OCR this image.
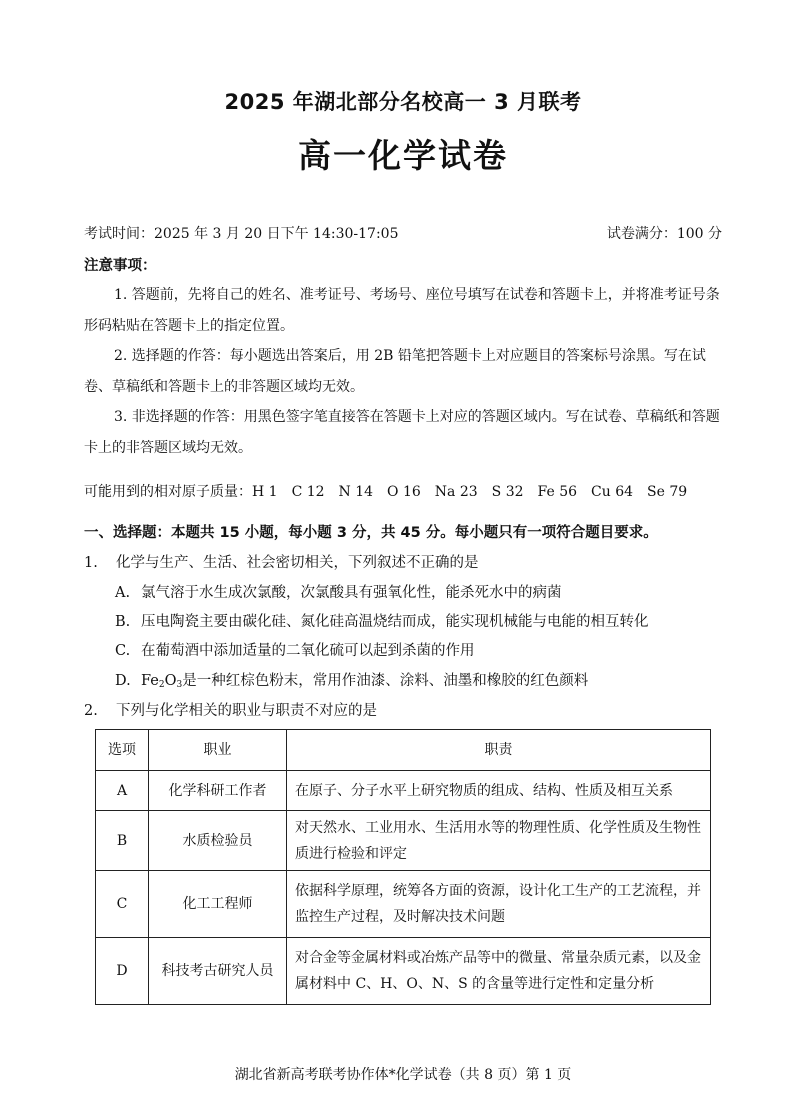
2025 年湖北部分名校高一 3 月联考
高一化学试卷
考试时间：2025 年 3 月 20 日下午 14:30-17:05	试卷满分：100 分
注意事项：
1. 答题前，先将自己的姓名、准考证号、考场号、座位号填写在试卷和答题卡上，并将准考证号条形码粘贴在答题卡上的指定位置。
2. 选择题的作答：每小题选出答案后，用 2B 铅笔把答题卡上对应题目的答案标号涂黑。写在试卷、草稿纸和答题卡上的非答题区域均无效。
3. 非选择题的作答：用黑色签字笔直接答在答题卡上对应的答题区域内。写在试卷、草稿纸和答题卡上的非答题区域均无效。
可能用到的相对原子质量：H 1　C 12　N 14　O 16　Na 23　S 32　Fe 56　Cu 64　Se 79
一、选择题：本题共 15 小题，每小题 3 分，共 45 分。每小题只有一项符合题目要求。
1. 化学与生产、生活、社会密切相关，下列叙述不正确的是
A. 氯气溶于水生成次氯酸，次氯酸具有强氧化性，能杀死水中的病菌
B. 压电陶瓷主要由碳化硅、氮化硅高温烧结而成，能实现机械能与电能的相互转化
C. 在葡萄酒中添加适量的二氧化硫可以起到杀菌的作用
D. $Fe_2O_3$是一种红棕色粉末，常用作油漆、涂料、油墨和橡胶的红色颜料
2. 下列与化学相关的职业与职责不对应的是
选项	职业	职责
A	化学科研工作者	在原子、分子水平上研究物质的组成、结构、性质及相互关系
B	水质检验员	对天然水、工业用水、生活用水等的物理性质、化学性质及生物性质进行检验和评定
C	化工工程师	依据科学原理，统筹各方面的资源，设计化工生产的工艺流程，并监控生产过程，及时解决技术问题
D	科技考古研究人员	对合金等金属材料或冶炼产品等中的微量、常量杂质元素，以及金属材料中 C、H、O、N、S 的含量等进行定性和定量分析
湖北省新高考联考协作体*化学试卷（共 8 页）第 1 页
